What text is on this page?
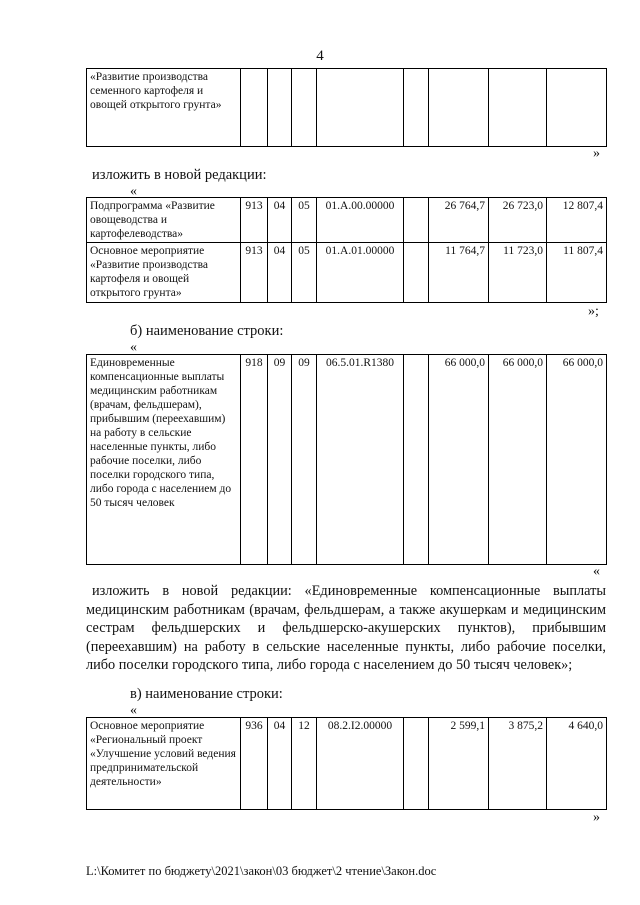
4
«Развитие производства семенного картофеля и овощей открытого грунта»								
»
изложить в новой редакции:
«
Подпрограмма «Развитие овощеводства и картофелеводства»	913	04	05	01.А.00.00000		26 764,7	26 723,0	12 807,4
Основное мероприятие «Развитие производства картофеля и овощей открытого грунта»	913	04	05	01.А.01.00000		11 764,7	11 723,0	11 807,4
»;
б) наименование строки:
«
Единовременные компенсационные выплаты медицинским работникам (врачам, фельдшерам), прибывшим (переехавшим) на работу в сельские населенные пункты, либо рабочие поселки, либо поселки городского типа, либо города с населением до 50 тысяч человек	918	09	09	06.5.01.R1380		66 000,0	66 000,0	66 000,0
«
изложить в новой редакции: «Единовременные компенсационные выплаты медицинским работникам (врачам, фельдшерам, а также акушеркам и медицинским сестрам фельдшерских и фельдшерско-акушерских пунктов), прибывшим (переехавшим) на работу в сельские населенные пункты, либо рабочие поселки, либо поселки городского типа, либо города с населением до 50 тысяч человек»;
в) наименование строки:
«
Основное мероприятие «Региональный проект «Улучшение условий ведения предпринимательской деятельности»	936	04	12	08.2.I2.00000		2 599,1	3 875,2	4 640,0
»
L:\Комитет по бюджету\2021\закон\03 бюджет\2 чтение\Закон.doc
